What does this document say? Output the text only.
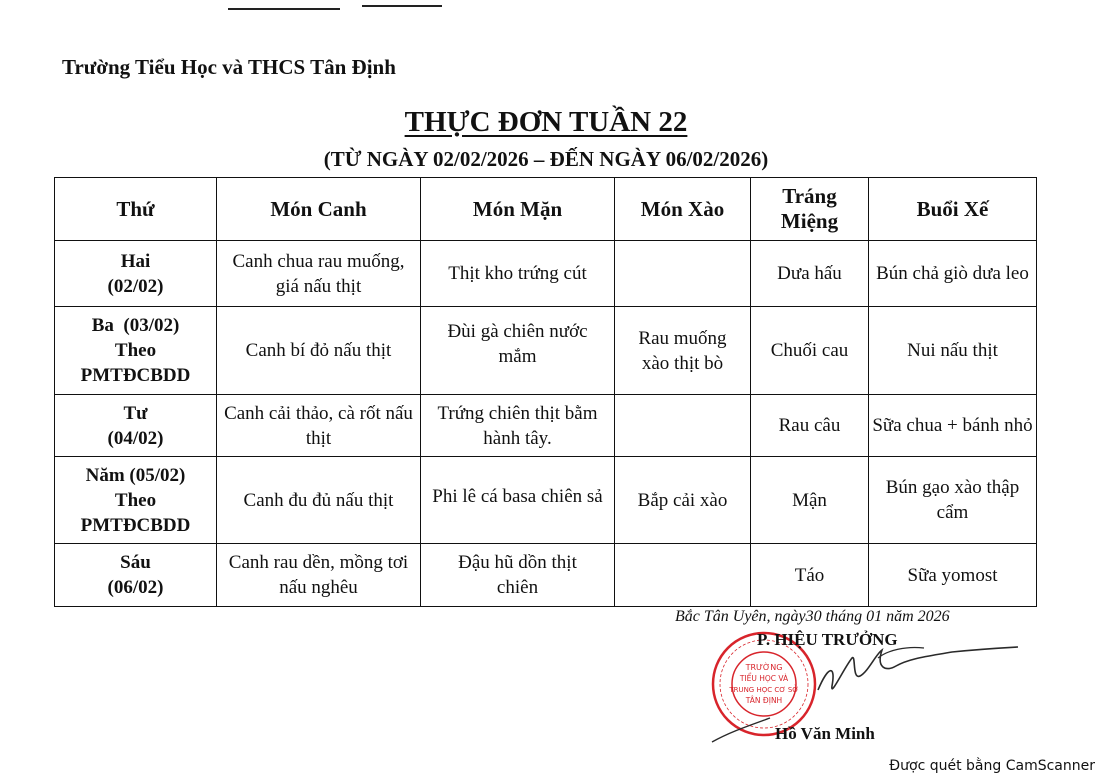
Trường Tiểu Học và THCS Tân Định
THỰC ĐƠN TUẦN 22
(TỪ NGÀY 02/02/2026 – ĐẾN NGÀY 06/02/2026)
Thứ	Món Canh	Món Mặn	Món Xào	Tráng Miệng	Buổi Xế

Hai
(02/02)	Canh chua rau muống, giá nấu thịt	Thịt kho trứng cút		Dưa hấu	Bún chả giò dưa leo

Ba  (03/02)
Theo
PMTĐCBDD	Canh bí đỏ nấu thịt	Đùi gà chiên nước mắm	Rau muống xào thịt bò	Chuối cau	Nui nấu thịt

Tư
(04/02)	Canh cải thảo, cà rốt nấu thịt	Trứng chiên thịt bằm hành tây.		Rau câu	Sữa chua + bánh nhỏ

Năm (05/02)
Theo
PMTĐCBDD	Canh đu đủ nấu thịt	Phi lê cá basa chiên sả	Bắp cải xào	Mận	Bún gạo xào thập cẩm

Sáu
(06/02)	Canh rau dền, mồng tơi nấu nghêu	Đậu hũ dồn thịt chiên		Táo	Sữa yomost
Bắc Tân Uyên, ngày30 tháng 01 năm 2026
TRƯỜNG
TIỂU HỌC VÀ
TRUNG HỌC CƠ SỞ
TÂN ĐỊNH
P. HIỆU TRƯỞNG
Hồ Văn Minh
Được quét bằng CamScanner
